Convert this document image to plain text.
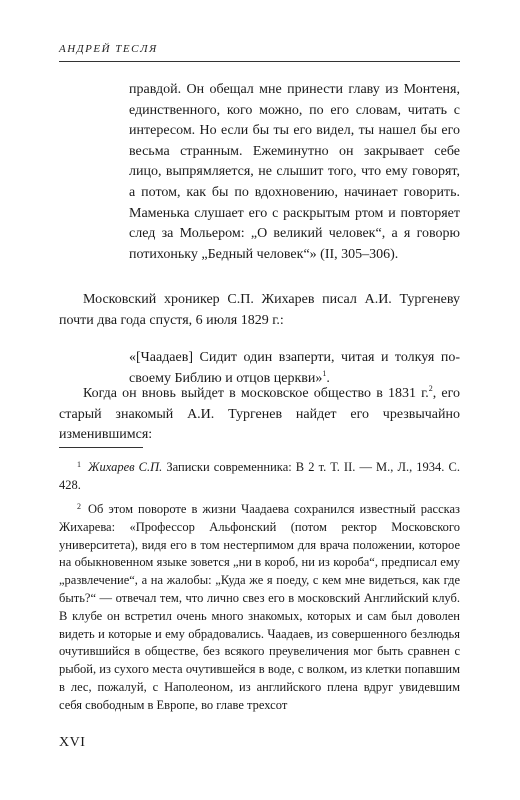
АНДРЕЙ ТЕСЛЯ
правдой. Он обещал мне принести главу из Монтеня, единственного, кого можно, по его словам, читать с интересом. Но если бы ты его видел, ты нашел бы его весьма странным. Ежеминутно он закрывает себе лицо, выпрямляется, не слышит того, что ему говорят, а потом, как бы по вдохновению, начинает говорить. Маменька слушает его с раскрытым ртом и повторяет след за Мольером: „О великий человек“, а я говорю потихоньку „Бедный человек“» (II, 305–306).
Московский хроникер С.П. Жихарев писал А.И. Тургеневу почти два года спустя, 6 июля 1829 г.:
«[Чаадаев] Сидит один взаперти, читая и толкуя по-своему Библию и отцов церкви»$^1$.
Когда он вновь выйдет в московское общество в 1831 г.$^2$, его старый знакомый А.И. Тургенев найдет его чрезвычайно изменившимся:
$^1$ Жихарев С.П. Записки современника: В 2 т. Т. II. — М., Л., 1934. С. 428.
$^2$ Об этом повороте в жизни Чаадаева сохранился известный рассказ Жихарева: «Профессор Альфонский (потом ректор Московского университета), видя его в том нестерпимом для врача положении, которое на обыкновенном языке зовется „ни в короб, ни из короба“, предписал ему „развлечение“, а на жалобы: „Куда же я поеду, с кем мне видеться, как где быть?“ — отвечал тем, что лично свез его в московский Английский клуб. В клубе он встретил очень много знакомых, которых и сам был доволен видеть и которые и ему обрадовались. Чаадаев, из совершенного безлюдья очутившийся в обществе, без всякого преувеличения мог быть сравнен с рыбой, из сухого места очутившейся в воде, с волком, из клетки попавшим в лес, пожалуй, с Наполеоном, из английского плена вдруг увидевшим себя свободным в Европе, во главе трехсот
XVI
